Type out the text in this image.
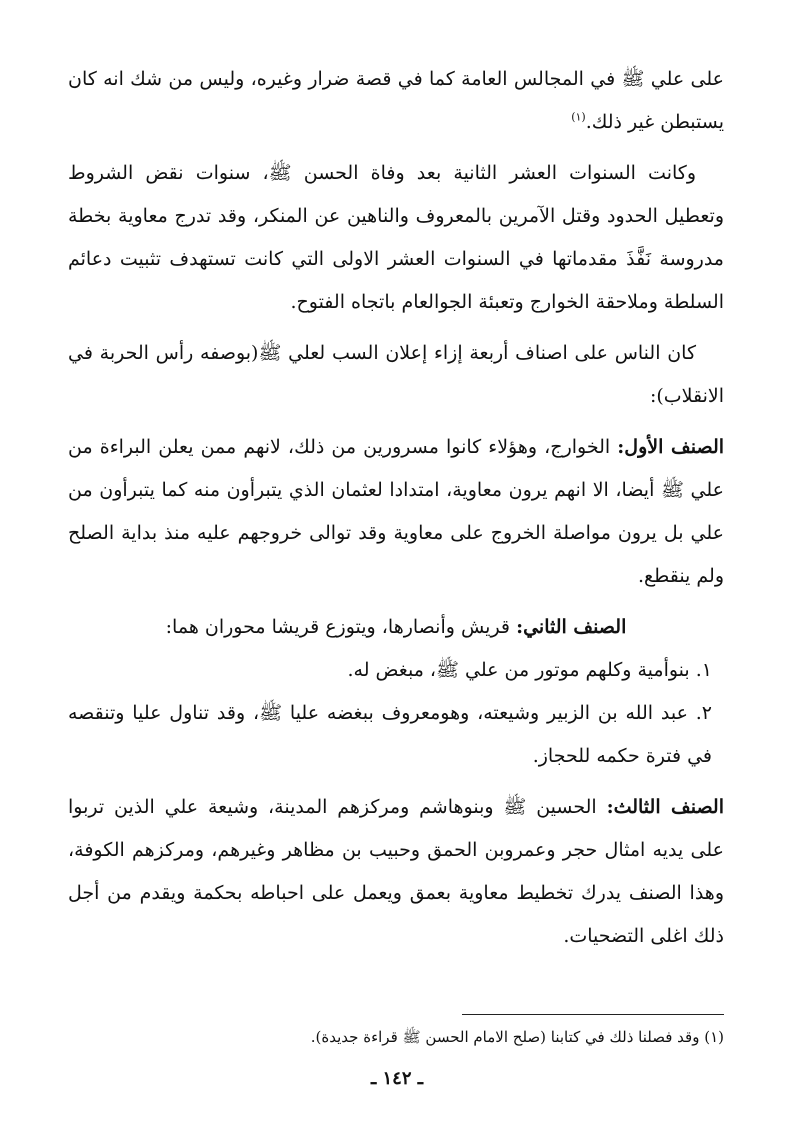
على علي ﷺ في المجالس العامة كما في قصة ضرار وغيره، وليس من شك انه كان يستبطن غير ذلك.$^{(١)}$

وكانت السنوات العشر الثانية بعد وفاة الحسن ﷺ، سنوات نقض الشروط وتعطيل الحدود وقتل الآمرين بالمعروف والناهين عن المنكر، وقد تدرج معاوية بخطة مدروسة نَفَّذَ مقدماتها في السنوات العشر الاولى التي كانت تستهدف تثبيت دعائم السلطة وملاحقة الخوارج وتعبئة الجوالعام باتجاه الفتوح.

كان الناس على اصناف أربعة إزاء إعلان السب لعلي ﷺ(بوصفه رأس الحربة في الانقلاب):

الصنف الأول: الخوارج، وهؤلاء كانوا مسرورين من ذلك، لانهم ممن يعلن البراءة من علي ﷺ أيضا، الا انهم يرون معاوية، امتدادا لعثمان الذي يتبرأون منه كما يتبرأون من علي بل يرون مواصلة الخروج على معاوية وقد توالى خروجهم عليه منذ بداية الصلح ولم ينقطع.

الصنف الثاني: قريش وأنصارها، ويتوزع قريشا محوران هما:

١. بنوأمية وكلهم موتور من علي ﷺ، مبغض له.

٢. عبد الله بن الزبير وشيعته، وهومعروف ببغضه عليا ﷺ، وقد تناول عليا وتنقصه في فترة حكمه للحجاز.

الصنف الثالث: الحسين ﷺ وبنوهاشم ومركزهم المدينة، وشيعة علي الذين تربوا على يديه امثال حجر وعمروبن الحمق وحبيب بن مظاهر وغيرهم، ومركزهم الكوفة، وهذا الصنف يدرك تخطيط معاوية بعمق ويعمل على احباطه بحكمة ويقدم من أجل ذلك اغلى التضحيات.

(١) وقد فصلنا ذلك في كتابنا (صلح الامام الحسن ﷺ قراءة جديدة).
ـ ١٤٢ ـ
